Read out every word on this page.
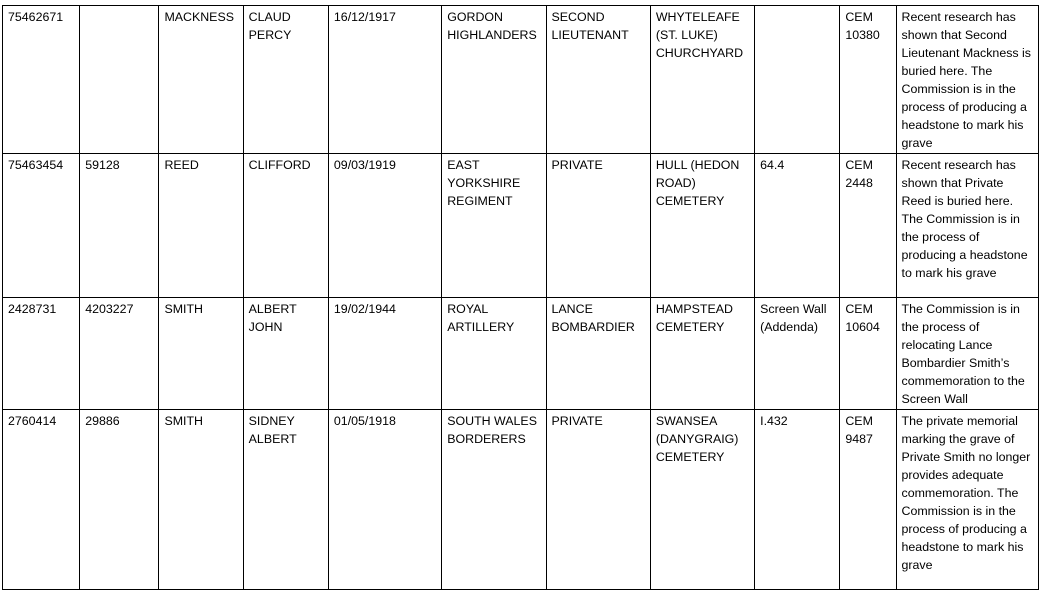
75462671		MACKNESS	CLAUD PERCY	16/12/1917	GORDON HIGHLANDERS	SECOND LIEUTENANT	WHYTELEAFE (ST. LUKE) CHURCHYARD		CEM 10380	Recent research has shown that Second Lieutenant Mackness is buried here. The Commission is in the process of producing a headstone to mark his grave
75463454	59128	REED	CLIFFORD	09/03/1919	EAST YORKSHIRE REGIMENT	PRIVATE	HULL (HEDON ROAD) CEMETERY	64.4	CEM 2448	Recent research has shown that Private Reed is buried here. The Commission is in the process of producing a headstone to mark his grave
2428731	4203227	SMITH	ALBERT JOHN	19/02/1944	ROYAL ARTILLERY	LANCE BOMBARDIER	HAMPSTEAD CEMETERY	Screen Wall (Addenda)	CEM 10604	The Commission is in the process of relocating Lance Bombardier Smith’s commemoration to the Screen Wall
2760414	29886	SMITH	SIDNEY ALBERT	01/05/1918	SOUTH WALES BORDERERS	PRIVATE	SWANSEA (DANYGRAIG) CEMETERY	I.432	CEM 9487	The private memorial marking the grave of Private Smith no longer provides adequate commemoration. The Commission is in the process of producing a headstone to mark his grave
